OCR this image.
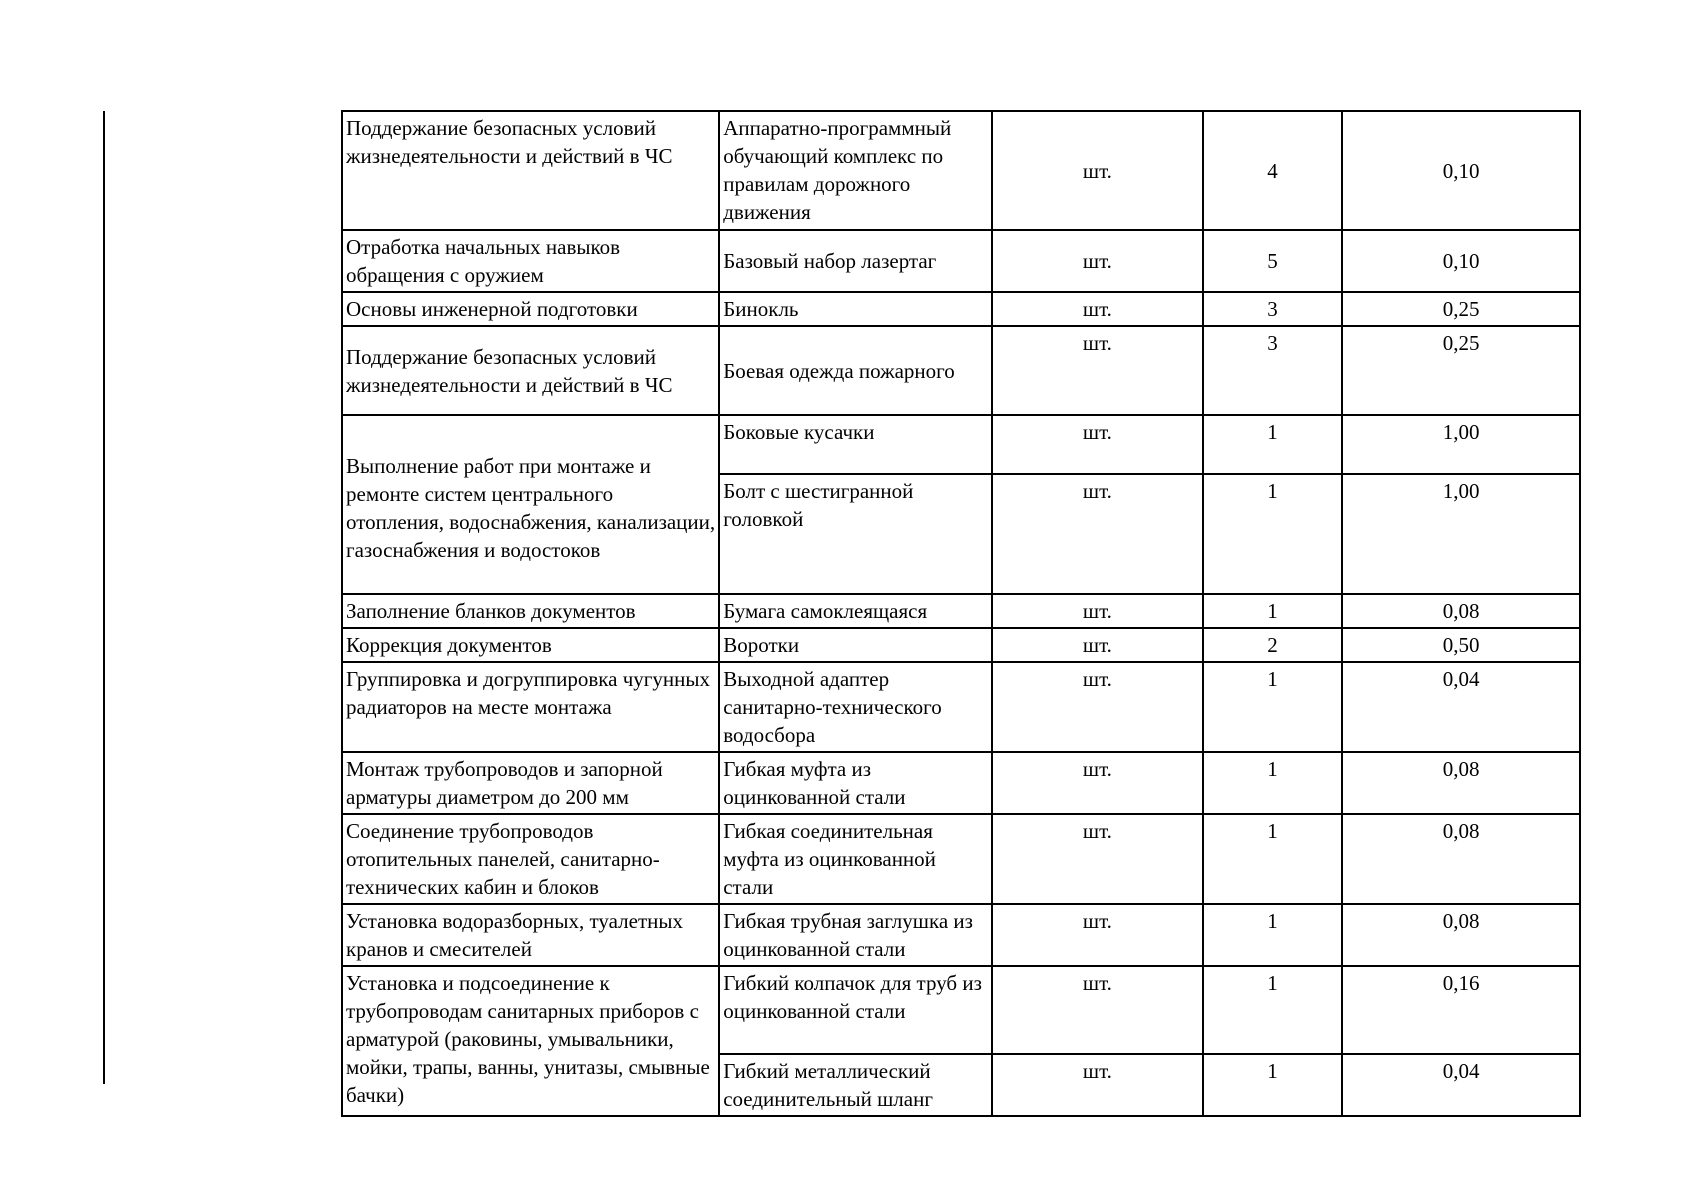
Поддержание безопасных условий жизнедеятельности и действий в ЧС	Аппаратно-программный обучающий комплекс по правилам дорожного движения	шт.	4	0,10
Отработка начальных навыков обращения с оружием	Базовый набор лазертаг	шт.	5	0,10
Основы инженерной подготовки	Бинокль	шт.	3	0,25
Поддержание безопасных условий жизнедеятельности и действий в ЧС	Боевая одежда пожарного	шт.	3	0,25

Выполнение работ при монтаже и ремонте систем центрального отопления, водоснабжения, канализации, газоснабжения и водостоков	Боковые кусачки	шт.	1	1,00
	Болт с шестигранной головкой	шт.	1	1,00
Заполнение бланков документов	Бумага самоклеящаяся	шт.	1	0,08
Коррекция документов	Воротки	шт.	2	0,50
Группировка и догруппировка чугунных радиаторов на месте монтажа	Выходной адаптер санитарно-технического водосбора	шт.	1	0,04
Монтаж трубопроводов и запорной арматуры диаметром до 200 мм	Гибкая муфта из оцинкованной стали	шт.	1	0,08
Соединение трубопроводов отопительных панелей, санитарно-технических кабин и блоков	Гибкая соединительная муфта из оцинкованной стали	шт.	1	0,08
Установка водоразборных, туалетных кранов и смесителей	Гибкая трубная заглушка из оцинкованной стали	шт.	1	0,08
Установка и подсоединение к трубопроводам санитарных приборов с арматурой (раковины, умывальники, мойки, трапы, ванны, унитазы, смывные бачки)	Гибкий колпачок для труб из оцинкованной стали	шт.	1	0,16
	Гибкий металлический соединительный шланг	шт.	1	0,04
